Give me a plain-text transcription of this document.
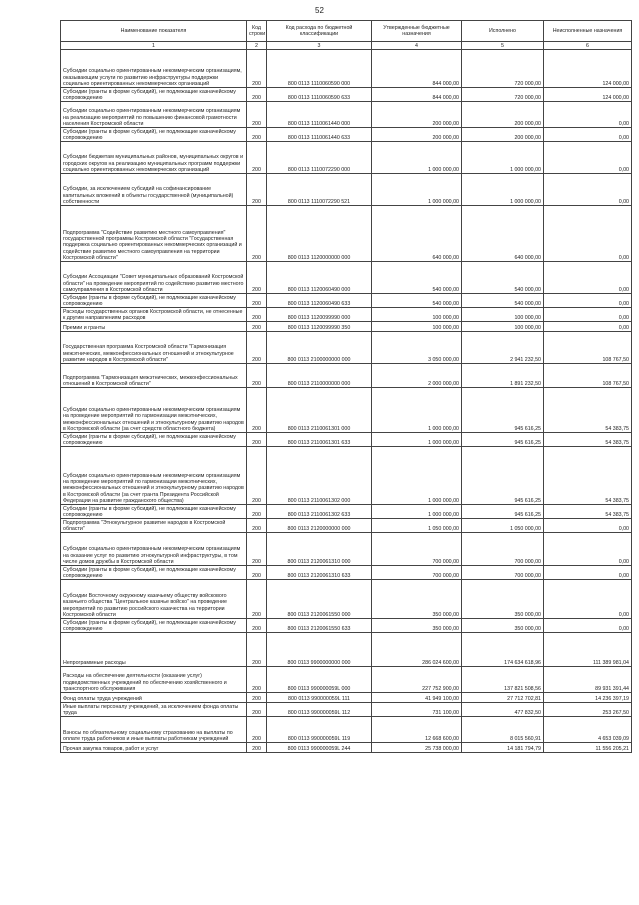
52
Наименование показателя	Код строки	Код расхода по бюджетной классификации	Утвержденные бюджетные назначения	Исполнено	Неисполненные назначения
1	2	3	4	5	6
Субсидии социально ориентированным некоммерческим организациям, оказывающим услуги по развитию инфраструктуры поддержки социально ориентированных некоммерческих организаций	200	800 0113 1110060590 000	844 000,00	720 000,00	124 000,00
Субсидии (гранты в форме субсидий), не подлежащие казначейскому сопровождению	200	800 0113 1110060590 633	844 000,00	720 000,00	124 000,00
Субсидии социально ориентированным некоммерческим организациям на реализацию мероприятий по повышению финансовой грамотности населения Костромской области	200	800 0113 1110061440 000	200 000,00	200 000,00	0,00
Субсидии (гранты в форме субсидий), не подлежащие казначейскому сопровождению	200	800 0113 1110061440 633	200 000,00	200 000,00	0,00
Субсидии бюджетам муниципальных районов, муниципальных округов и городских округов на реализацию муниципальных программ поддержки социально ориентированных некоммерческих организаций	200	800 0113 1110072290 000	1 000 000,00	1 000 000,00	0,00
Субсидии, за исключением субсидий на софинансирование капитальных вложений в объекты государственной (муниципальной) собственности	200	800 0113 1110072290 521	1 000 000,00	1 000 000,00	0,00
Подпрограмма "Содействие развитию местного самоуправления" государственной программы Костромской области "Государственная поддержка социально ориентированных некоммерческих организаций и содействие развитию местного самоуправления на территории Костромской области"	200	800 0113 1120000000 000	640 000,00	640 000,00	0,00
Субсидии Ассоциации "Совет муниципальных образований Костромской области" на проведение мероприятий по содействию развитию местного самоуправления в Костромской области	200	800 0113 1120060490 000	540 000,00	540 000,00	0,00
Субсидии (гранты в форме субсидий), не подлежащие казначейскому сопровождению	200	800 0113 1120060490 633	540 000,00	540 000,00	0,00
Расходы государственных органов Костромской области, не отнесенные к другим направлениям расходов	200	800 0113 1120099990 000	100 000,00	100 000,00	0,00
Премии и гранты	200	800 0113 1120099990 350	100 000,00	100 000,00	0,00
Государственная программа Костромской области "Гармонизация межэтнических, межконфессиональных отношений и этнокультурное развитие народов в Костромской области"	200	800 0113 2100000000 000	3 050 000,00	2 941 232,50	108 767,50
Подпрограмма "Гармонизация межэтнических, межконфессиональных отношений в Костромской области"	200	800 0113 2110000000 000	2 000 000,00	1 891 232,50	108 767,50
Субсидии социально ориентированным некоммерческим организациям на проведение мероприятий по гармонизации межэтнических, межконфессиональных отношений и этнокультурному развитию народов в Костромской области (за счет средств областного бюджета)	200	800 0113 2110061301 000	1 000 000,00	945 616,25	54 383,75
Субсидии (гранты в форме субсидий), не подлежащие казначейскому сопровождению	200	800 0113 2110061301 633	1 000 000,00	945 616,25	54 383,75
Субсидии социально ориентированным некоммерческим организациям на проведение мероприятий по гармонизации межэтнических, межконфессиональных отношений и этнокультурному развитию народов в Костромской области (за счет гранта Президента Российской Федерации на развитие гражданского общества)	200	800 0113 2110061302 000	1 000 000,00	945 616,25	54 383,75
Субсидии (гранты в форме субсидий), не подлежащие казначейскому сопровождению	200	800 0113 2110061302 633	1 000 000,00	945 616,25	54 383,75
Подпрограмма "Этнокультурное развитие народов в Костромской области"	200	800 0113 2120000000 000	1 050 000,00	1 050 000,00	0,00
Субсидии социально ориентированным некоммерческим организациям на оказание услуг по развитию этнокультурной инфраструктуры, в том числе домов дружбы в Костромской области	200	800 0113 2120061310 000	700 000,00	700 000,00	0,00
Субсидии (гранты в форме субсидий), не подлежащие казначейскому сопровождению	200	800 0113 2120061310 633	700 000,00	700 000,00	0,00
Субсидии Восточному окружному казачьему обществу войскового казачьего общества "Центральное казачье войско" на проведение мероприятий по развитию российского казачества на территории Костромской области	200	800 0113 2120061550 000	350 000,00	350 000,00	0,00
Субсидии (гранты в форме субсидий), не подлежащие казначейскому сопровождению	200	800 0113 2120061550 633	350 000,00	350 000,00	0,00
Непрограммные расходы	200	800 0113 9900000000 000	286 024 600,00	174 634 618,96	111 389 981,04
Расходы на обеспечение деятельности (оказание услуг) подведомственных учреждений по обеспечению хозяйственного и транспортного обслуживания	200	800 0113 990000059L 000	227 752 900,00	137 821 508,56	89 931 391,44
Фонд оплаты труда учреждений	200	800 0113 990000059L 111	41 949 100,00	27 712 702,81	14 236 397,19
Иные выплаты персоналу учреждений, за исключением фонда оплаты труда	200	800 0113 990000059L 112	731 100,00	477 832,50	253 267,50
Взносы по обязательному социальному страхованию на выплаты по оплате труда работников и иные выплаты работникам учреждений	200	800 0113 990000059L 119	12 668 600,00	8 015 560,91	4 653 039,09
Прочая закупка товаров, работ и услуг	200	800 0113 990000059L 244	25 738 000,00	14 181 794,79	11 556 205,21
